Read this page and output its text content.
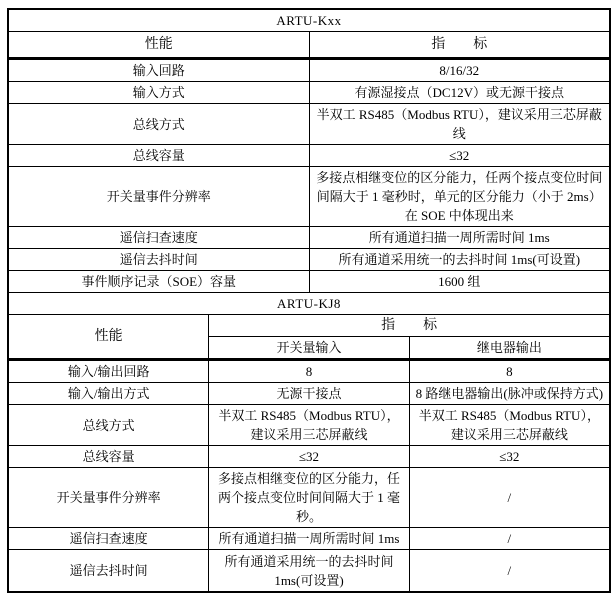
ARTU-Kxx	
性能	指　　标
输入回路	8/16/32
输入方式	有源湿接点（DC12V）或无源干接点
总线方式	半双工 RS485（Modbus RTU），建议采用三芯屏蔽线
总线容量	≤32
开关量事件分辨率	多接点相继变位的区分能力，任两个接点变位时间间隔大于 1 毫秒时，单元的区分能力（小于 2ms）在 SOE 中体现出来
遥信扫查速度	所有通道扫描一周所需时间 1ms
遥信去抖时间	所有通道采用统一的去抖时间 1ms(可设置)
事件顺序记录（SOE）容量	1600 组
ARTU-KJ8		
性能	指　　标	
	开关量输入	继电器输出
输入/输出回路	8	8
输入/输出方式	无源干接点	8 路继电器输出(脉冲或保持方式)
总线方式	半双工 RS485（Modbus RTU），建议采用三芯屏蔽线	半双工 RS485（Modbus RTU），建议采用三芯屏蔽线
总线容量	≤32	≤32
开关量事件分辨率	多接点相继变位的区分能力，任两个接点变位时间间隔大于 1 毫秒。	/
遥信扫查速度	所有通道扫描一周所需时间 1ms	/
遥信去抖时间	所有通道采用统一的去抖时间 1ms(可设置)	/
